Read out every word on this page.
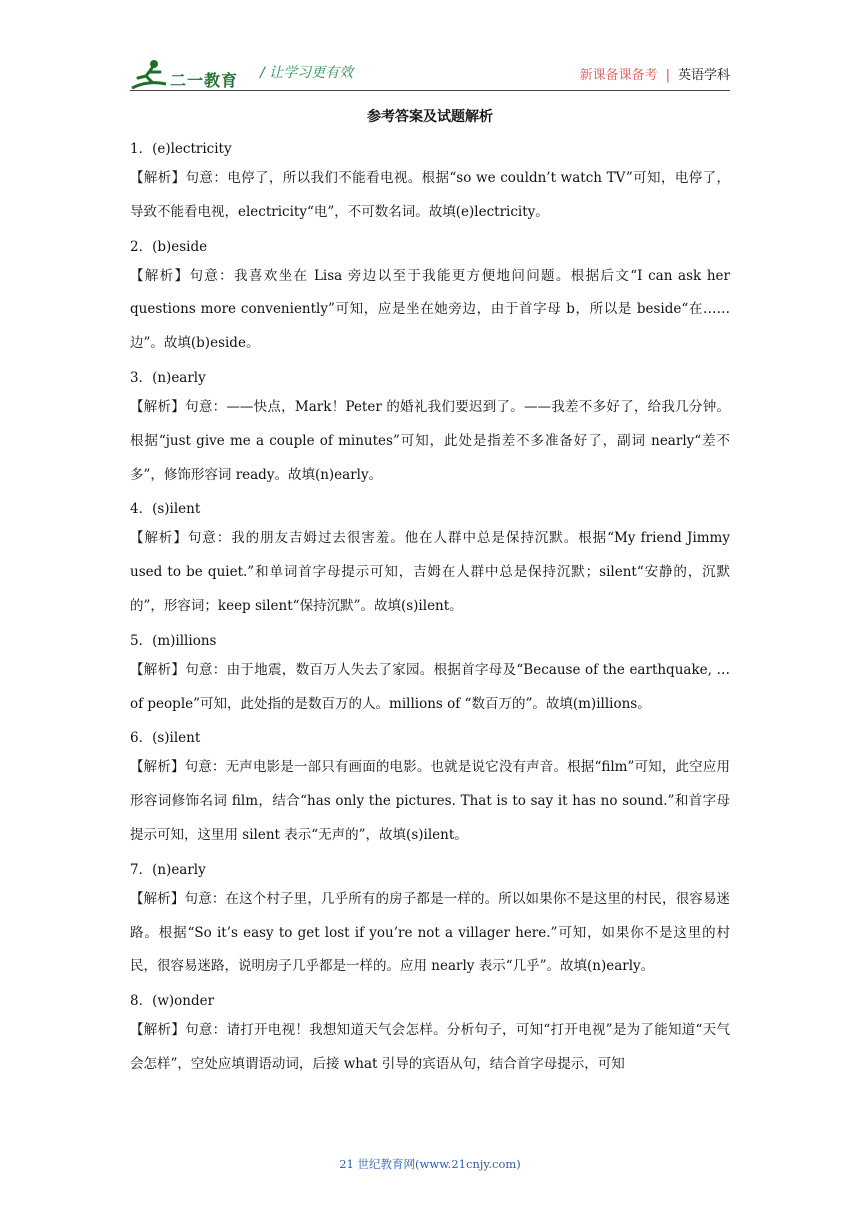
二一教育 / 让学习更有效	新课备课备考 | 英语学科
参考答案及试题解析
1．(e)lectricity
【解析】句意：电停了，所以我们不能看电视。根据“so we couldn’t watch TV”可知，电停了，导致不能看电视，electricity“电”，不可数名词。故填(e)lectricity。
2．(b)eside
【解析】句意：我喜欢坐在 Lisa 旁边以至于我能更方便地问问题。根据后文“I can ask her questions more conveniently”可知，应是坐在她旁边，由于首字母 b，所以是 beside“在……边”。故填(b)eside。
3．(n)early
【解析】句意：——快点，Mark！Peter 的婚礼我们要迟到了。——我差不多好了，给我几分钟。根据“just give me a couple of minutes”可知，此处是指差不多准备好了，副词 nearly“差不多”，修饰形容词 ready。故填(n)early。
4．(s)ilent
【解析】句意：我的朋友吉姆过去很害羞。他在人群中总是保持沉默。根据“My friend Jimmy used to be quiet.”和单词首字母提示可知，吉姆在人群中总是保持沉默；silent“安静的，沉默的”，形容词；keep silent“保持沉默”。故填(s)ilent。
5．(m)illions
【解析】句意：由于地震，数百万人失去了家园。根据首字母及“Because of the earthquake, …of people”可知，此处指的是数百万的人。millions of “数百万的”。故填(m)illions。
6．(s)ilent
【解析】句意：无声电影是一部只有画面的电影。也就是说它没有声音。根据“film”可知，此空应用形容词修饰名词 film，结合“has only the pictures. That is to say it has no sound.”和首字母提示可知，这里用 silent 表示“无声的”，故填(s)ilent。
7．(n)early
【解析】句意：在这个村子里，几乎所有的房子都是一样的。所以如果你不是这里的村民，很容易迷路。根据“So it’s easy to get lost if you’re not a villager here.”可知，如果你不是这里的村民，很容易迷路，说明房子几乎都是一样的。应用 nearly 表示“几乎”。故填(n)early。
8．(w)onder
【解析】句意：请打开电视！我想知道天气会怎样。分析句子，可知“打开电视”是为了能知道“天气会怎样”，空处应填谓语动词，后接 what 引导的宾语从句，结合首字母提示，可知
21 世纪教育网(www.21cnjy.com)
